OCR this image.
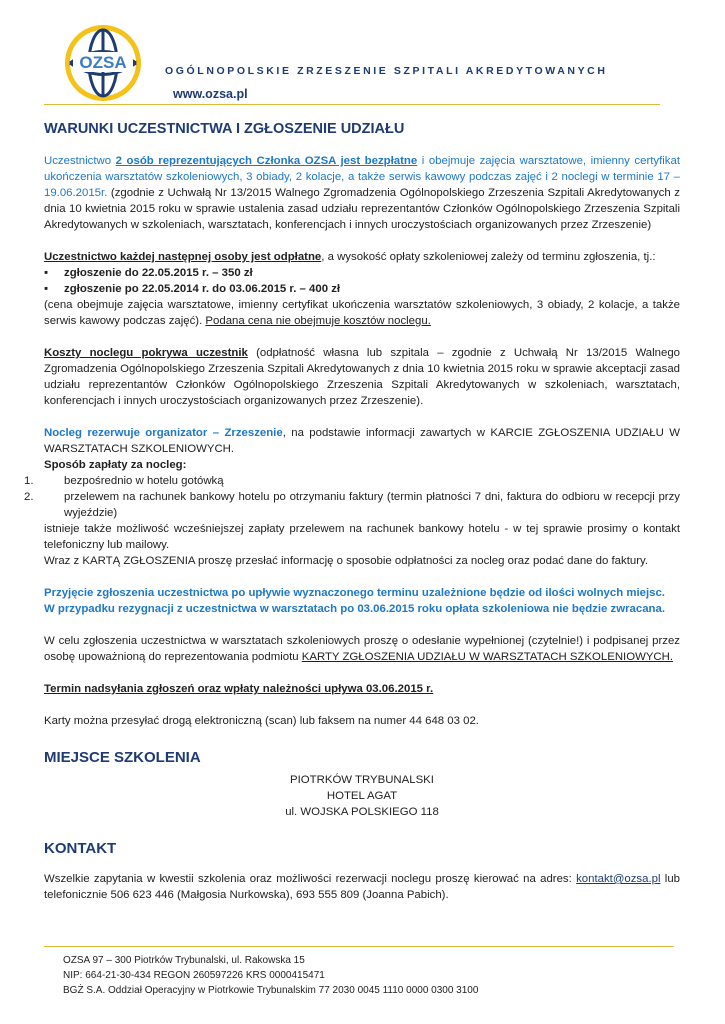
OZSA	OGÓLNOPOLSKIE ZRZESZENIE SZPITALI AKREDYTOWANYCH
www.ozsa.pl
WARUNKI UCZESTNICTWA I ZGŁOSZENIE UDZIAŁU

Uczestnictwo 2 osób reprezentujących Członka OZSA jest bezpłatne i obejmuje zajęcia warsztatowe, imienny certyfikat ukończenia warsztatów szkoleniowych, 3 obiady, 2 kolacje, a także serwis kawowy podczas zajęć i 2 noclegi w terminie 17 – 19.06.2015r. (zgodnie z Uchwałą Nr 13/2015 Walnego Zgromadzenia Ogólnopolskiego Zrzeszenia Szpitali Akredytowanych z dnia 10 kwietnia 2015 roku w sprawie ustalenia zasad udziału reprezentantów Członków Ogólnopolskiego Zrzeszenia Szpitali Akredytowanych w szkoleniach, warsztatach, konferencjach i innych uroczystościach organizowanych przez Zrzeszenie)

Uczestnictwo każdej następnej osoby jest odpłatne, a wysokość opłaty szkoleniowej zależy od terminu zgłoszenia, tj.:

▪ zgłoszenie do 22.05.2015 r. – 350 zł

▪ zgłoszenie po 22.05.2014 r. do 03.06.2015 r. – 400 zł

(cena obejmuje zajęcia warsztatowe, imienny certyfikat ukończenia warsztatów szkoleniowych, 3 obiady, 2 kolacje, a także serwis kawowy podczas zajęć). Podana cena nie obejmuje kosztów noclegu.

Koszty noclegu pokrywa uczestnik (odpłatność własna lub szpitala – zgodnie z Uchwałą Nr 13/2015 Walnego Zgromadzenia Ogólnopolskiego Zrzeszenia Szpitali Akredytowanych z dnia 10 kwietnia 2015 roku w sprawie akceptacji zasad udziału reprezentantów Członków Ogólnopolskiego Zrzeszenia Szpitali Akredytowanych w szkoleniach, warsztatach, konferencjach i innych uroczystościach organizowanych przez Zrzeszenie).

Nocleg rezerwuje organizator – Zrzeszenie, na podstawie informacji zawartych w KARCIE ZGŁOSZENIA UDZIAŁU W WARSZTATACH SZKOLENIOWYCH.

Sposób zapłaty za nocleg:

1.	bezpośrednio w hotelu gotówką

2.	przelewem na rachunek bankowy hotelu po otrzymaniu faktury (termin płatności 7 dni, faktura do odbioru w recepcji przy wyjeździe)

istnieje także możliwość wcześniejszej zapłaty przelewem na rachunek bankowy hotelu - w tej sprawie prosimy o kontakt telefoniczny lub mailowy.

Wraz z KARTĄ ZGŁOSZENIA proszę przesłać informację o sposobie odpłatności za nocleg oraz podać dane do faktury.

Przyjęcie zgłoszenia uczestnictwa po upływie wyznaczonego terminu uzależnione będzie od ilości wolnych miejsc.

W przypadku rezygnacji z uczestnictwa w warsztatach po 03.06.2015 roku opłata szkoleniowa nie będzie zwracana.

W celu zgłoszenia uczestnictwa w warsztatach szkoleniowych proszę o odesłanie wypełnionej (czytelnie!) i podpisanej przez osobę upoważnioną do reprezentowania podmiotu KARTY ZGŁOSZENIA UDZIAŁU W WARSZTATACH SZKOLENIOWYCH.

Termin nadsyłania zgłoszeń oraz wpłaty należności upływa 03.06.2015 r.

Karty można przesyłać drogą elektroniczną (scan) lub faksem na numer 44 648 03 02.

MIEJSCE SZKOLENIA
PIOTRKÓW TRYBUNALSKI
HOTEL AGAT
ul. WOJSKA POLSKIEGO 118
KONTAKT

Wszelkie zapytania w kwestii szkolenia oraz możliwości rezerwacji noclegu proszę kierować na adres: kontakt@ozsa.pl lub telefonicznie 506 623 446 (Małgosia Nurkowska), 693 555 809 (Joanna Pabich).

OZSA 97 – 300 Piotrków Trybunalski, ul. Rakowska 15
NIP: 664-21-30-434 REGON 260597226 KRS 0000415471
BGŻ S.A. Oddział Operacyjny w Piotrkowie Trybunalskim 77 2030 0045 1110 0000 0300 3100
